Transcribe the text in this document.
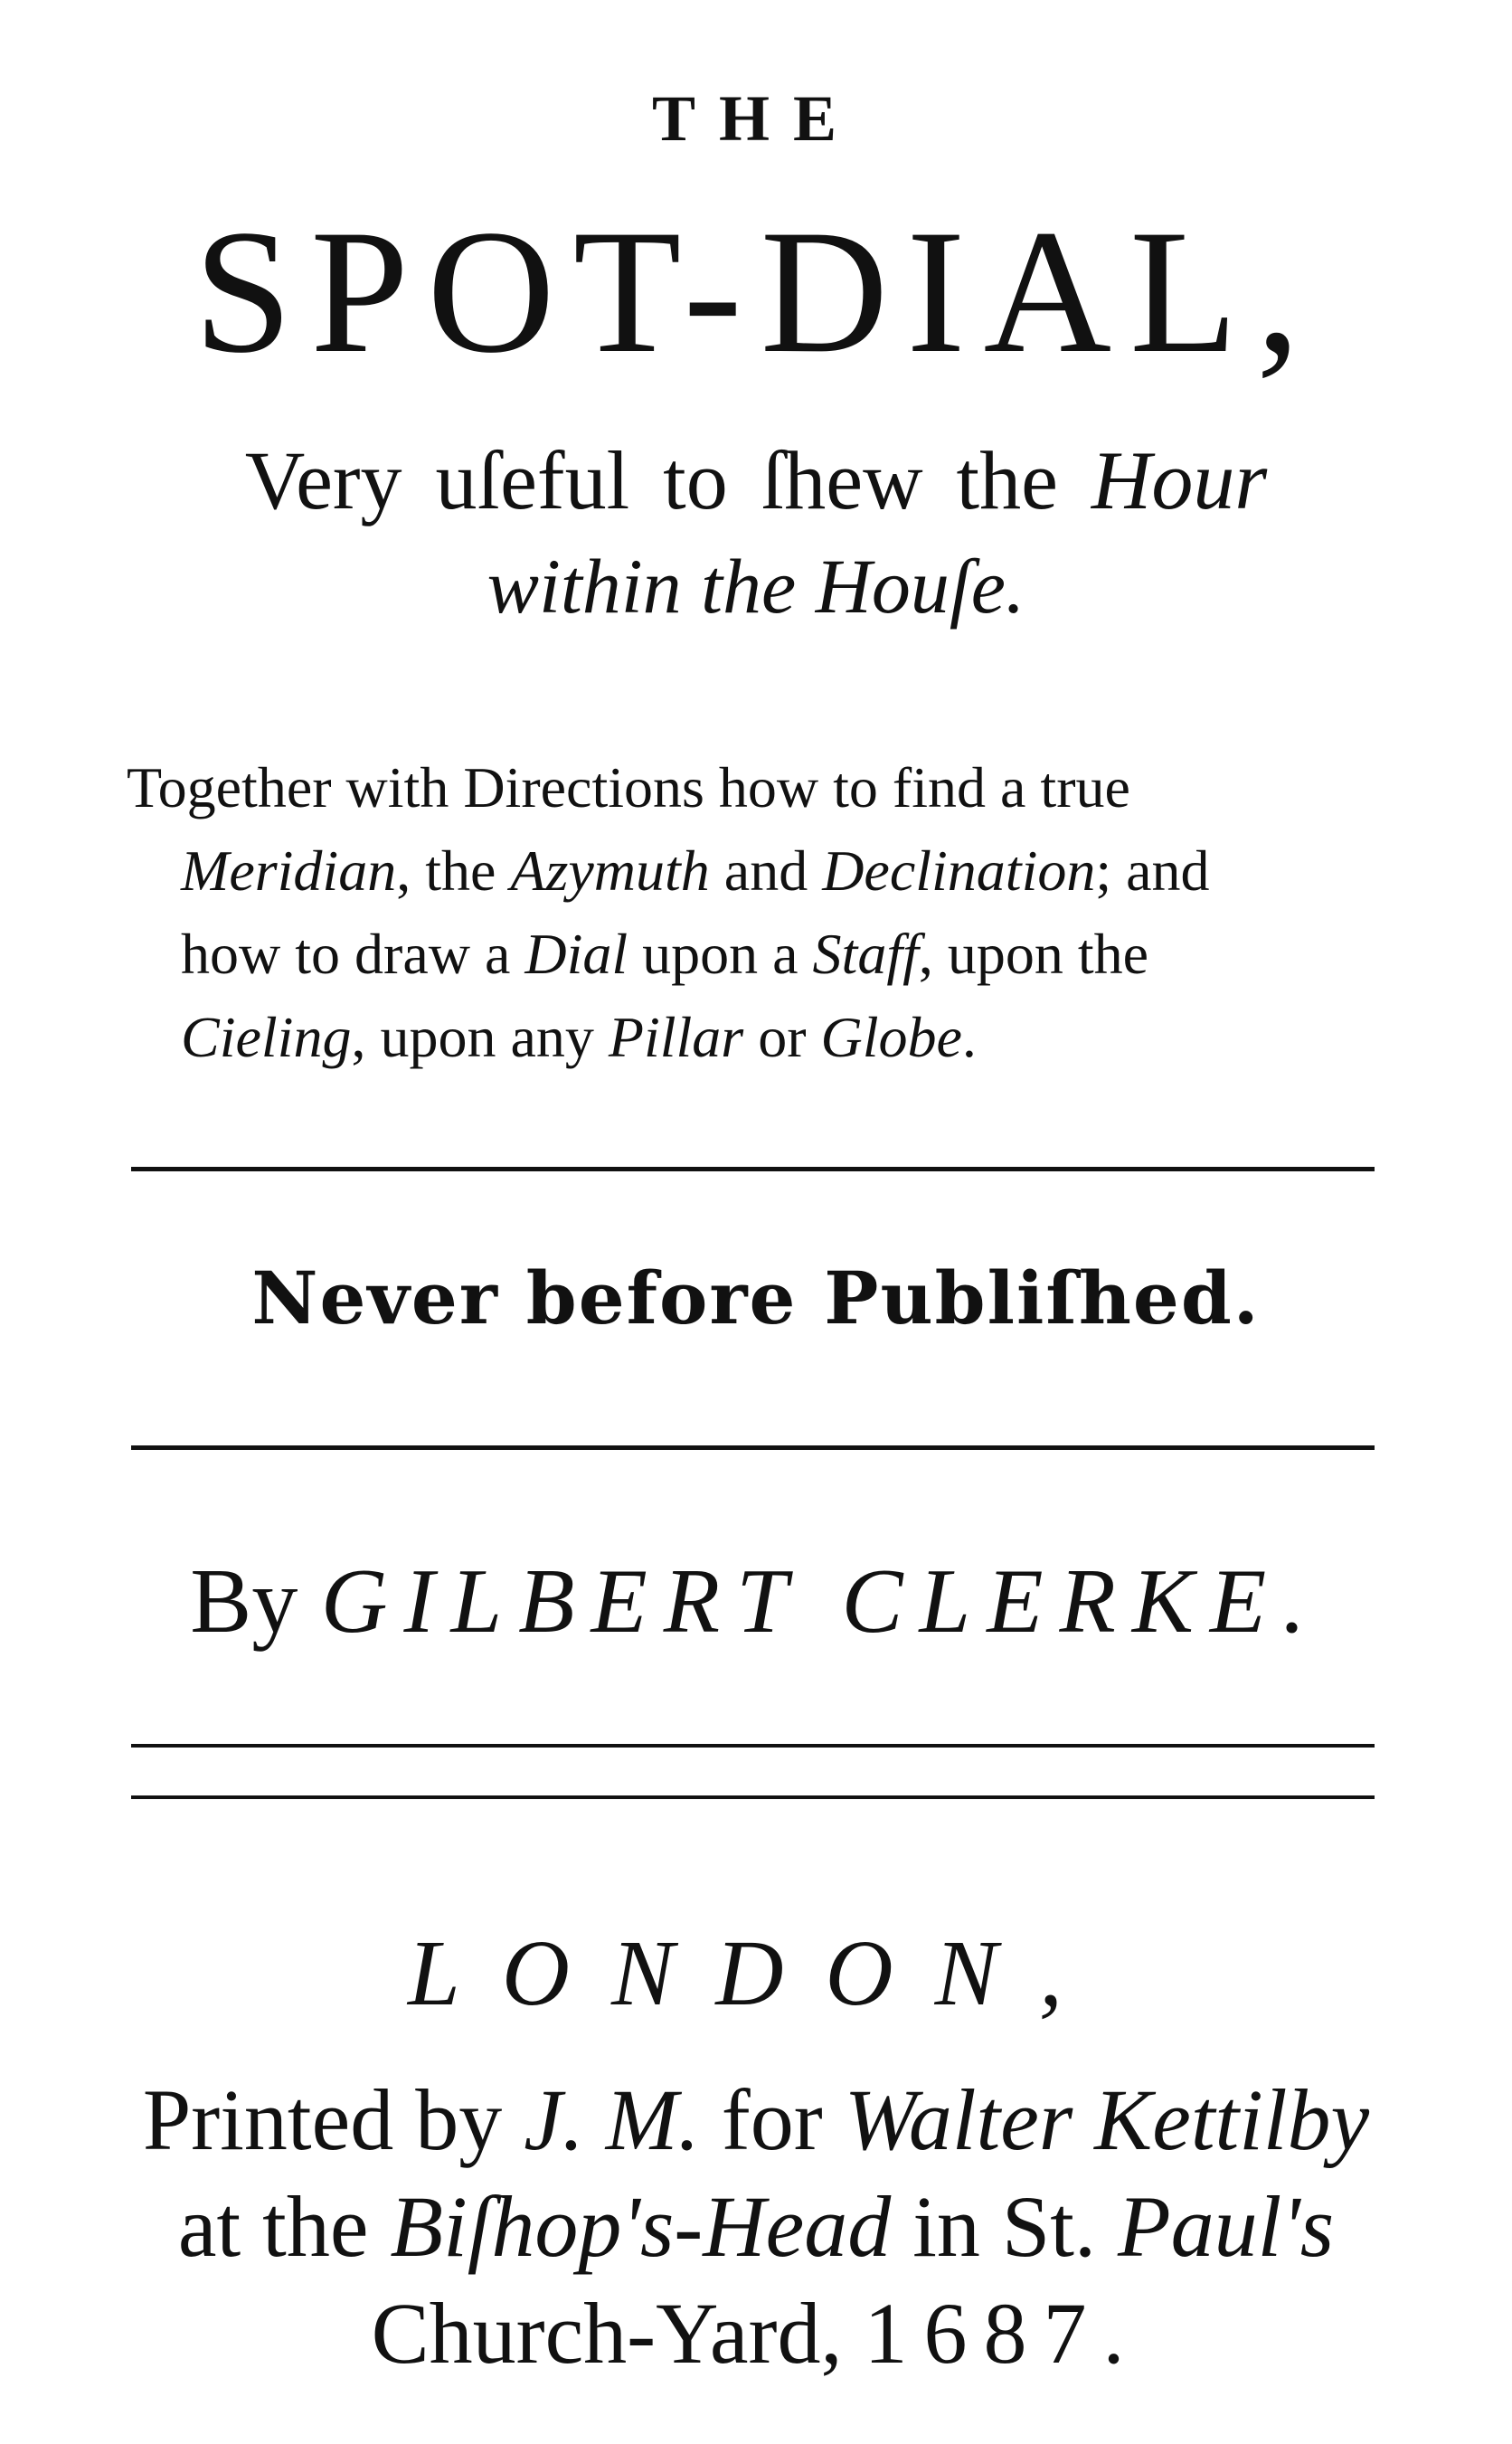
THE
SPOT-DIAL,
Very uſeful to ſhew the Hour
within the Houſe.
Together with Directions how to find a true
Meridian, the Azymuth and Declination; and
how to draw a Dial upon a Staff, upon the
Cieling, upon any Pillar or Globe.
Never before Publiſhed.
By GILBERT CLERKE.
LONDON,
Printed by J. M. for Walter Kettilby
at the Biſhop's-Head in St. Paul's
Church-Yard, 1687.
